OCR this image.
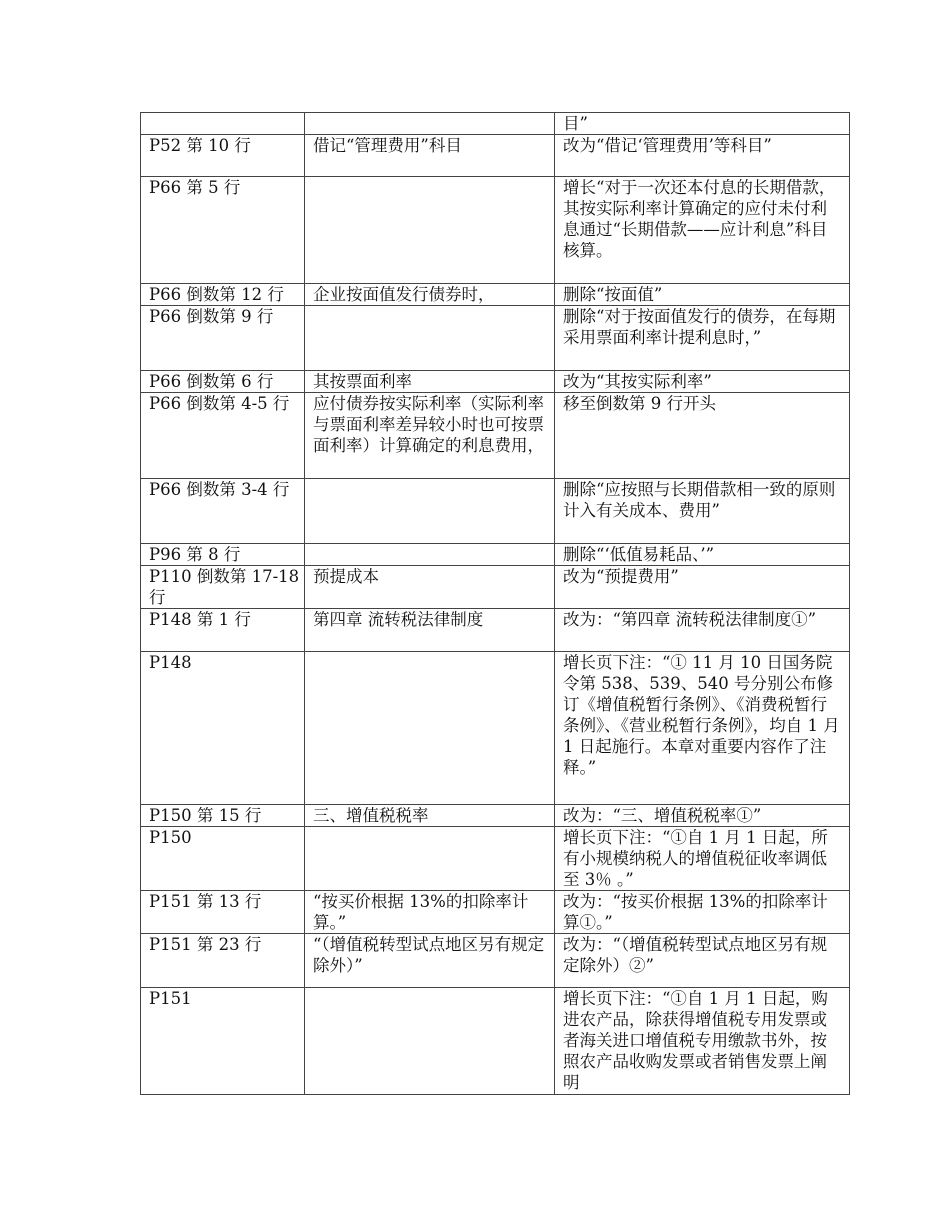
		目”
P52 第 10 行	借记“管理费用”科目	改为“借记‘管理费用’等科目”
P66 第 5 行		增长“对于一次还本付息的长期借款，其按实际利率计算确定的应付未付利息通过“长期借款——应计利息”科目核算。
P66 倒数第 12 行	企业按面值发行债券时，	删除“按面值”
P66 倒数第 9 行		删除“对于按面值发行的债券，在每期采用票面利率计提利息时，”
P66 倒数第 6 行	其按票面利率	改为“其按实际利率”
P66 倒数第 4-5 行	应付债券按实际利率（实际利率与票面利率差异较小时也可按票面利率）计算确定的利息费用，	移至倒数第 9 行开头
P66 倒数第 3-4 行		删除“应按照与长期借款相一致的原则计入有关成本、费用”
P96 第 8 行		删除“‘低值易耗品、’”
P110 倒数第 17-18 行	预提成本	改为“预提费用”
P148 第 1 行	第四章 流转税法律制度	改为：“第四章 流转税法律制度①”
P148		增长页下注：“① 11 月 10 日国务院令第 538、539、540 号分别公布修订《增值税暂行条例》、《消费税暂行条例》、《营业税暂行条例》，均自 1 月 1 日起施行。本章对重要内容作了注释。”
P150 第 15 行	三、增值税税率	改为：“三、增值税税率①”
P150		增长页下注：“①自 1 月 1 日起，所有小规模纳税人的增值税征收率调低至 3％ 。”
P151 第 13 行	“按买价根据 13%的扣除率计算。”	改为：“按买价根据 13%的扣除率计算①。”
P151 第 23 行	“（增值税转型试点地区另有规定除外）”	改为：“（增值税转型试点地区另有规定除外）②”
P151		增长页下注：“①自 1 月 1 日起，购进农产品，除获得增值税专用发票或者海关进口增值税专用缴款书外，按照农产品收购发票或者销售发票上阐明
